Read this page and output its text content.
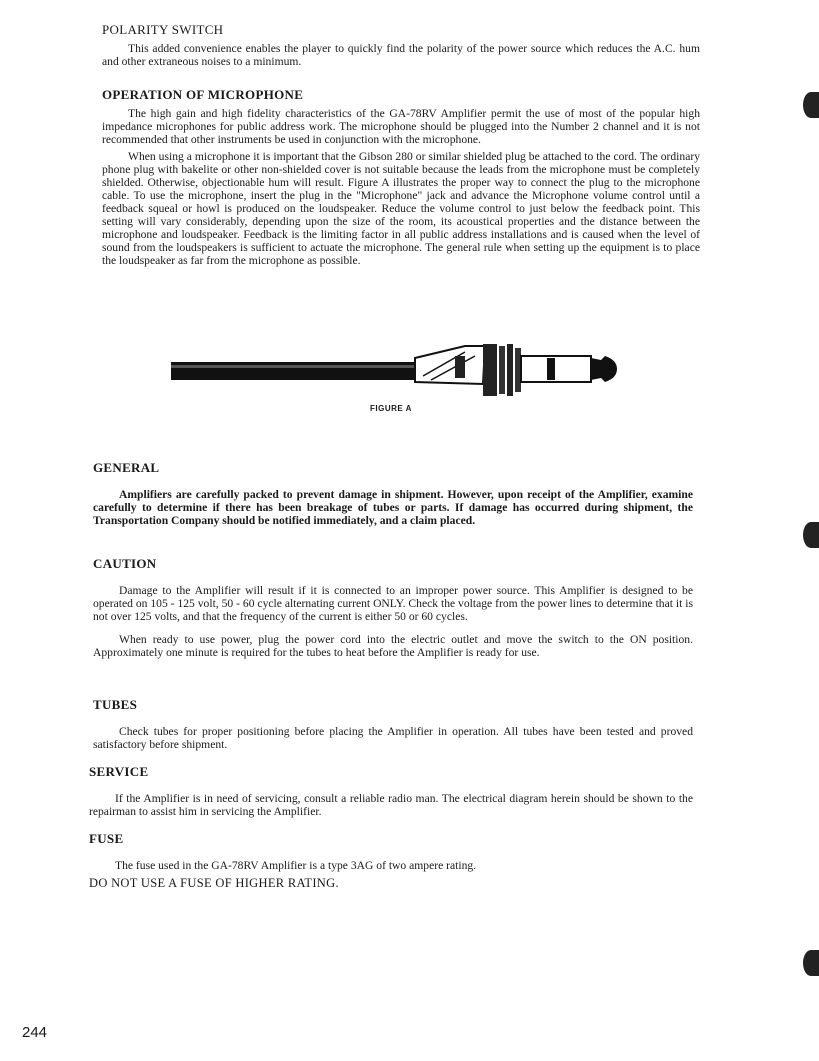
POLARITY SWITCH

This added convenience enables the player to quickly find the polarity of the power source which reduces the A.C. hum and other extraneous noises to a minimum.

OPERATION OF MICROPHONE

The high gain and high fidelity characteristics of the GA-78RV Amplifier permit the use of most of the popular high impedance microphones for public address work. The microphone should be plugged into the Number 2 channel and it is not recommended that other instruments be used in conjunction with the microphone.

When using a microphone it is important that the Gibson 280 or similar shielded plug be attached to the cord. The ordinary phone plug with bakelite or other non-shielded cover is not suitable because the leads from the microphone must be completely shielded. Otherwise, objectionable hum will result. Figure A illustrates the proper way to connect the plug to the microphone cable. To use the microphone, insert the plug in the "Microphone" jack and advance the Microphone volume control until a feedback squeal or howl is produced on the loudspeaker. Reduce the volume control to just below the feedback point. This setting will vary considerably, depending upon the size of the room, its acoustical properties and the distance between the microphone and loudspeaker. Feedback is the limiting factor in all public address installations and is caused when the level of sound from the loudspeakers is sufficient to actuate the microphone. The general rule when setting up the equipment is to place the loudspeaker as far from the microphone as possible.

FIGURE A
GENERAL

Amplifiers are carefully packed to prevent damage in shipment. However, upon receipt of the Amplifier, examine carefully to determine if there has been breakage of tubes or parts. If damage has occurred during shipment, the Transportation Company should be notified immediately, and a claim placed.

CAUTION

Damage to the Amplifier will result if it is connected to an improper power source. This Amplifier is designed to be operated on 105 - 125 volt, 50 - 60 cycle alternating current ONLY. Check the voltage from the power lines to determine that it is not over 125 volts, and that the frequency of the current is either 50 or 60 cycles.

When ready to use power, plug the power cord into the electric outlet and move the switch to the ON position. Approximately one minute is required for the tubes to heat before the Amplifier is ready for use.

TUBES

Check tubes for proper positioning before placing the Amplifier in operation. All tubes have been tested and proved satisfactory before shipment.

SERVICE

If the Amplifier is in need of servicing, consult a reliable radio man. The electrical diagram herein should be shown to the repairman to assist him in servicing the Amplifier.

FUSE

The fuse used in the GA-78RV Amplifier is a type 3AG of two ampere rating.

DO NOT USE A FUSE OF HIGHER RATING.

244
